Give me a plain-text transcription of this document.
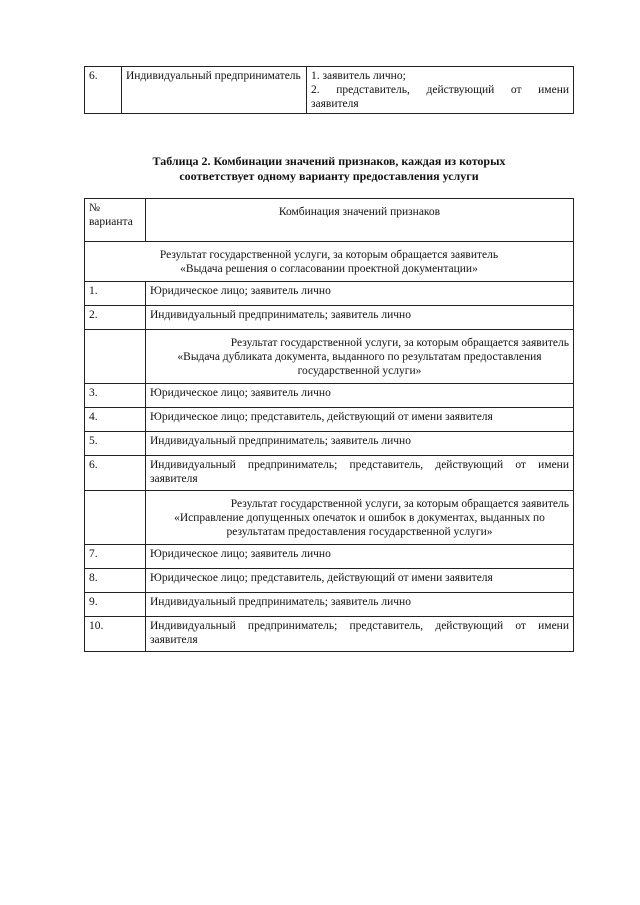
6.	Индивидуальный предприниматель	1. заявитель лично;
2. представитель, действующий от имени
заявителя
Таблица 2. Комбинации значений признаков, каждая из которых
соответствует одному варианту предоставления услуги
№ варианта	Комбинация значений признаков

Результат государственной услуги, за которым обращается заявитель
«Выдача решения о согласовании проектной документации»	

1.	Юридическое лицо; заявитель лично
2.	Индивидуальный предприниматель; заявитель лично

	Результат государственной услуги, за которым обращается заявитель
«Выдача дубликата документа, выданного по результатам предоставления
государственной услуги»

3.	Юридическое лицо; заявитель лично
4.	Юридическое лицо; представитель, действующий от имени заявителя
5.	Индивидуальный предприниматель; заявитель лично
6.	Индивидуальный предприниматель; представитель, действующий от имени
заявителя

	Результат государственной услуги, за которым обращается заявитель
«Исправление допущенных опечаток и ошибок в документах, выданных по
результатам предоставления государственной услуги»

7.	Юридическое лицо; заявитель лично
8.	Юридическое лицо; представитель, действующий от имени заявителя
9.	Индивидуальный предприниматель; заявитель лично
10.	Индивидуальный предприниматель; представитель, действующий от имени
заявителя
